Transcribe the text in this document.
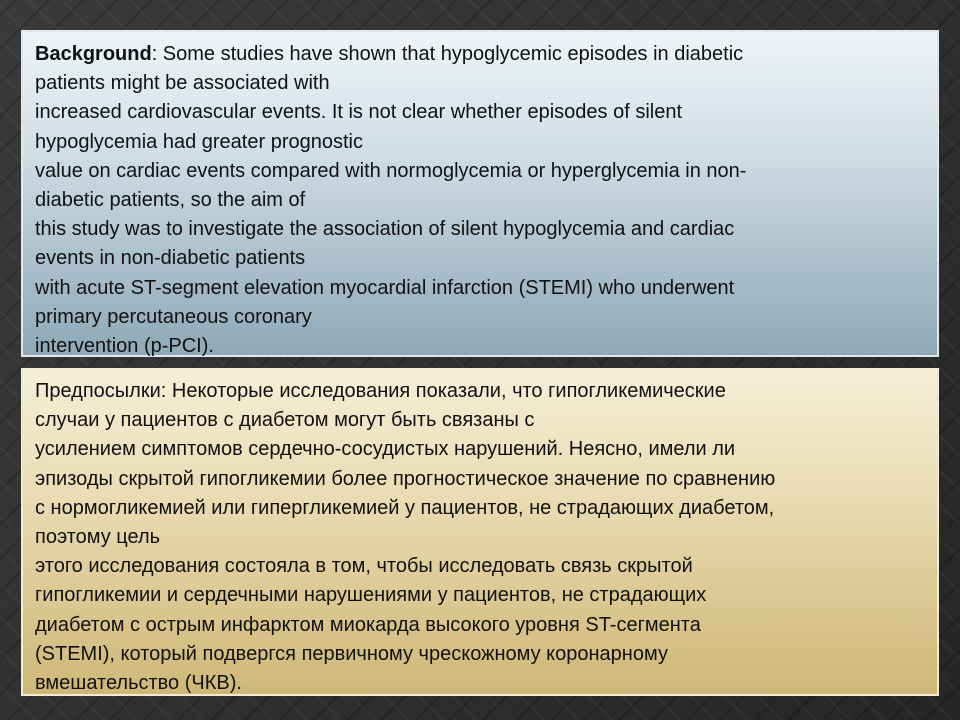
Background: Some studies have shown that hypoglycemic episodes in diabetic
patients might be associated with
increased cardiovascular events. It is not clear whether episodes of silent
hypoglycemia had greater prognostic
value on cardiac events compared with normoglycemia or hyperglycemia in non-
diabetic patients, so the aim of
this study was to investigate the association of silent hypoglycemia and cardiac
events in non-diabetic patients
with acute ST-segment elevation myocardial infarction (STEMI) who underwent
primary percutaneous coronary
intervention (p-PCI).
Предпосылки: Некоторые исследования показали, что гипогликемические
случаи у пациентов с диабетом могут быть связаны с
усилением симптомов сердечно-сосудистых нарушений. Неясно, имели ли
эпизоды скрытой гипогликемии более прогностическое значение по сравнению
с нормогликемией или гипергликемией у пациентов, не страдающих диабетом,
поэтому цель
этого исследования состояла в том, чтобы исследовать связь скрытой
гипогликемии и сердечными нарушениями у пациентов, не страдающих
диабетом с острым инфарктом миокарда высокого уровня ST-сегмента
(STEMI), который подвергся первичному чрескожному коронарному
вмешательство (ЧКВ).
